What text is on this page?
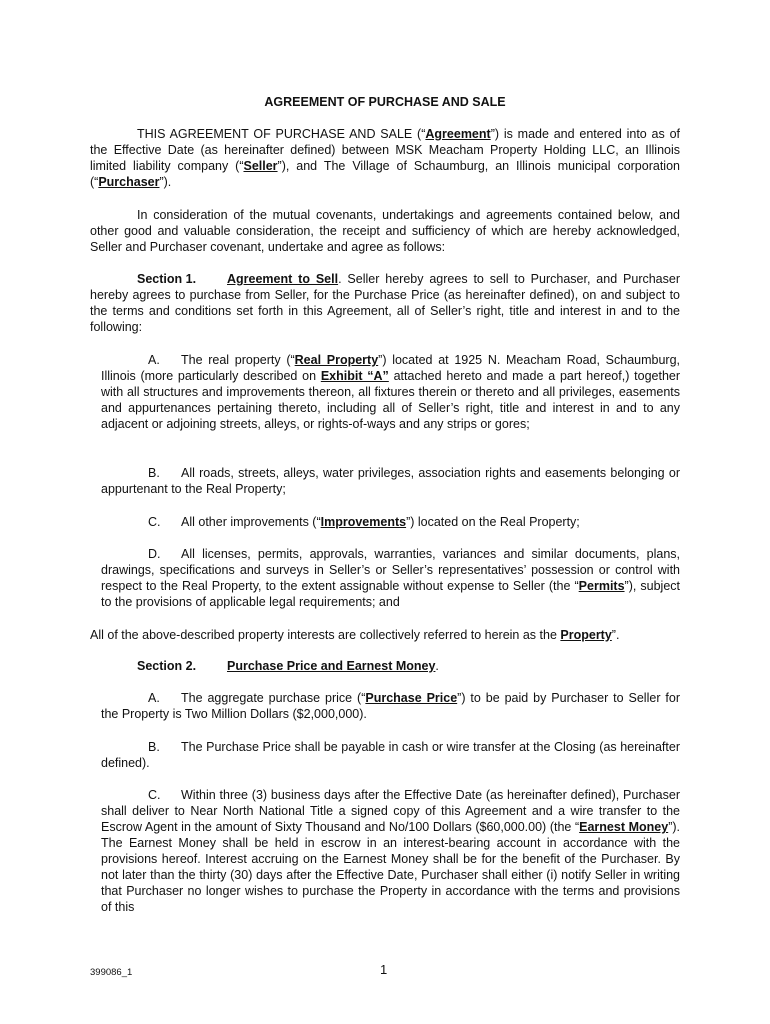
AGREEMENT OF PURCHASE AND SALE

THIS AGREEMENT OF PURCHASE AND SALE (“Agreement”) is made and entered into as of the Effective Date (as hereinafter defined) between MSK Meacham Property Holding LLC, an Illinois limited liability company (“Seller”), and The Village of Schaumburg, an Illinois municipal corporation (“Purchaser”).

In consideration of the mutual covenants, undertakings and agreements contained below, and other good and valuable consideration, the receipt and sufficiency of which are hereby acknowledged, Seller and Purchaser covenant, undertake and agree as follows:

Section 1. Agreement to Sell. Seller hereby agrees to sell to Purchaser, and Purchaser hereby agrees to purchase from Seller, for the Purchase Price (as hereinafter defined), on and subject to the terms and conditions set forth in this Agreement, all of Seller’s right, title and interest in and to the following:

A. The real property (“Real Property”) located at 1925 N. Meacham Road, Schaumburg, Illinois (more particularly described on Exhibit “A” attached hereto and made a part hereof,) together with all structures and improvements thereon, all fixtures therein or thereto and all privileges, easements and appurtenances pertaining thereto, including all of Seller’s right, title and interest in and to any adjacent or adjoining streets, alleys, or rights-of-ways and any strips or gores;

B. All roads, streets, alleys, water privileges, association rights and easements belonging or appurtenant to the Real Property;

C. All other improvements (“Improvements”) located on the Real Property;

D. All licenses, permits, approvals, warranties, variances and similar documents, plans, drawings, specifications and surveys in Seller’s or Seller’s representatives’ possession or control with respect to the Real Property, to the extent assignable without expense to Seller (the “Permits”), subject to the provisions of applicable legal requirements; and

All of the above-described property interests are collectively referred to herein as the Property”.

Section 2. Purchase Price and Earnest Money.

A. The aggregate purchase price (“Purchase Price”) to be paid by Purchaser to Seller for the Property is Two Million Dollars ($2,000,000).

B. The Purchase Price shall be payable in cash or wire transfer at the Closing (as hereinafter defined).

C. Within three (3) business days after the Effective Date (as hereinafter defined), Purchaser shall deliver to Near North National Title a signed copy of this Agreement and a wire transfer to the Escrow Agent in the amount of Sixty Thousand and No/100 Dollars ($60,000.00) (the “Earnest Money”). The Earnest Money shall be held in escrow in an interest-bearing account in accordance with the provisions hereof. Interest accruing on the Earnest Money shall be for the benefit of the Purchaser. By not later than the thirty (30) days after the Effective Date, Purchaser shall either (i) notify Seller in writing that Purchaser no longer wishes to purchase the Property in accordance with the terms and provisions of this

399086_1	1
